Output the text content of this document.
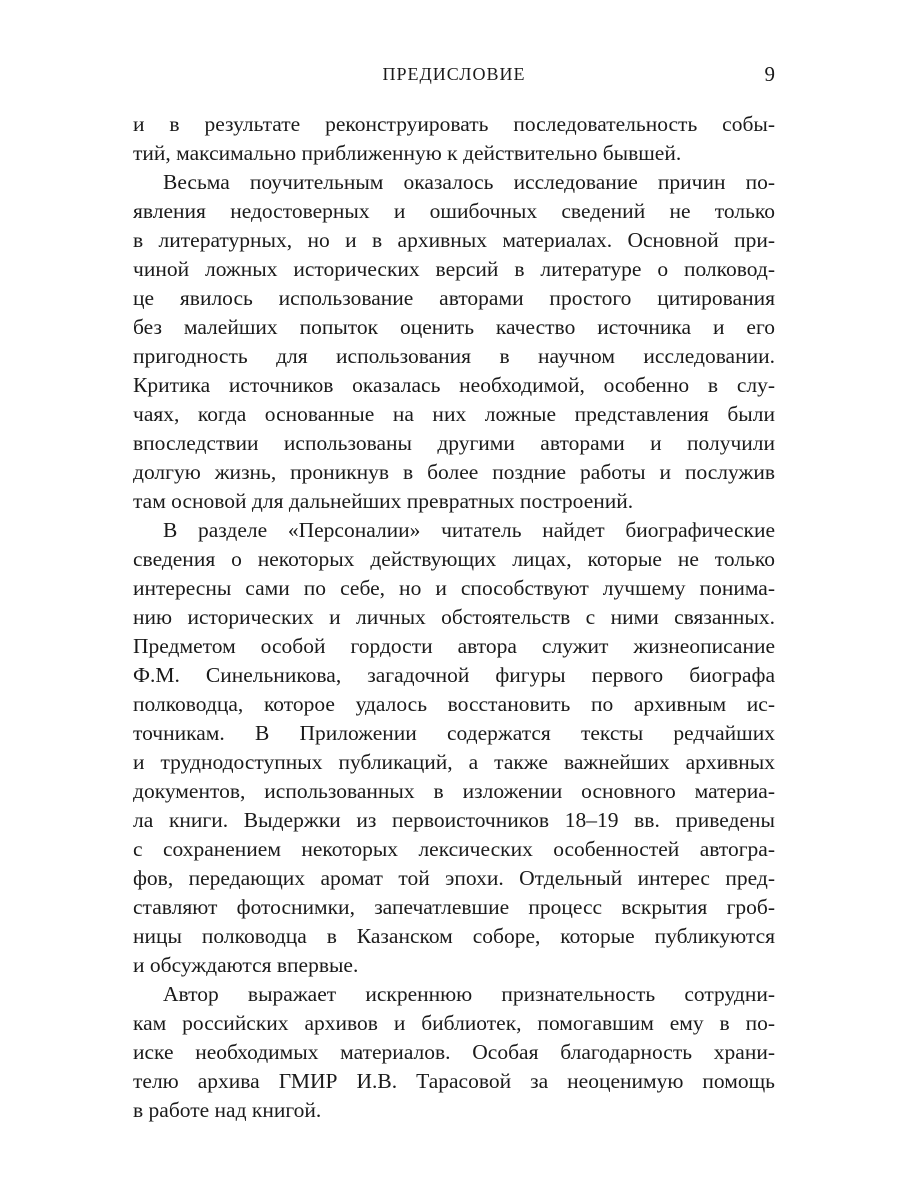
ПРЕДИСЛОВИЕ	9
и в результате реконструировать последовательность собы-
тий, максимально приближенную к действительно бывшей.
Весьма поучительным оказалось исследование причин по-
явления недостоверных и ошибочных сведений не только
в литературных, но и в архивных материалах. Основной при-
чиной ложных исторических версий в литературе о полковод-
це явилось использование авторами простого цитирования
без малейших попыток оценить качество источника и его
пригодность для использования в научном исследовании.
Критика источников оказалась необходимой, особенно в слу-
чаях, когда основанные на них ложные представления были
впоследствии использованы другими авторами и получили
долгую жизнь, проникнув в более поздние работы и послужив
там основой для дальнейших превратных построений.
В разделе «Персоналии» читатель найдет биографические
сведения о некоторых действующих лицах, которые не только
интересны сами по себе, но и способствуют лучшему понима-
нию исторических и личных обстоятельств с ними связанных.
Предметом особой гордости автора служит жизнеописание
Ф.М. Синельникова, загадочной фигуры первого биографа
полководца, которое удалось восстановить по архивным ис-
точникам. В Приложении содержатся тексты редчайших
и труднодоступных публикаций, а также важнейших архивных
документов, использованных в изложении основного материа-
ла книги. Выдержки из первоисточников 18–19 вв. приведены
с сохранением некоторых лексических особенностей автогра-
фов, передающих аромат той эпохи. Отдельный интерес пред-
ставляют фотоснимки, запечатлевшие процесс вскрытия гроб-
ницы полководца в Казанском соборе, которые публикуются
и обсуждаются впервые.
Автор выражает искреннюю признательность сотрудни-
кам российских архивов и библиотек, помогавшим ему в по-
иске необходимых материалов. Особая благодарность храни-
телю архива ГМИР И.В. Тарасовой за неоценимую помощь
в работе над книгой.
